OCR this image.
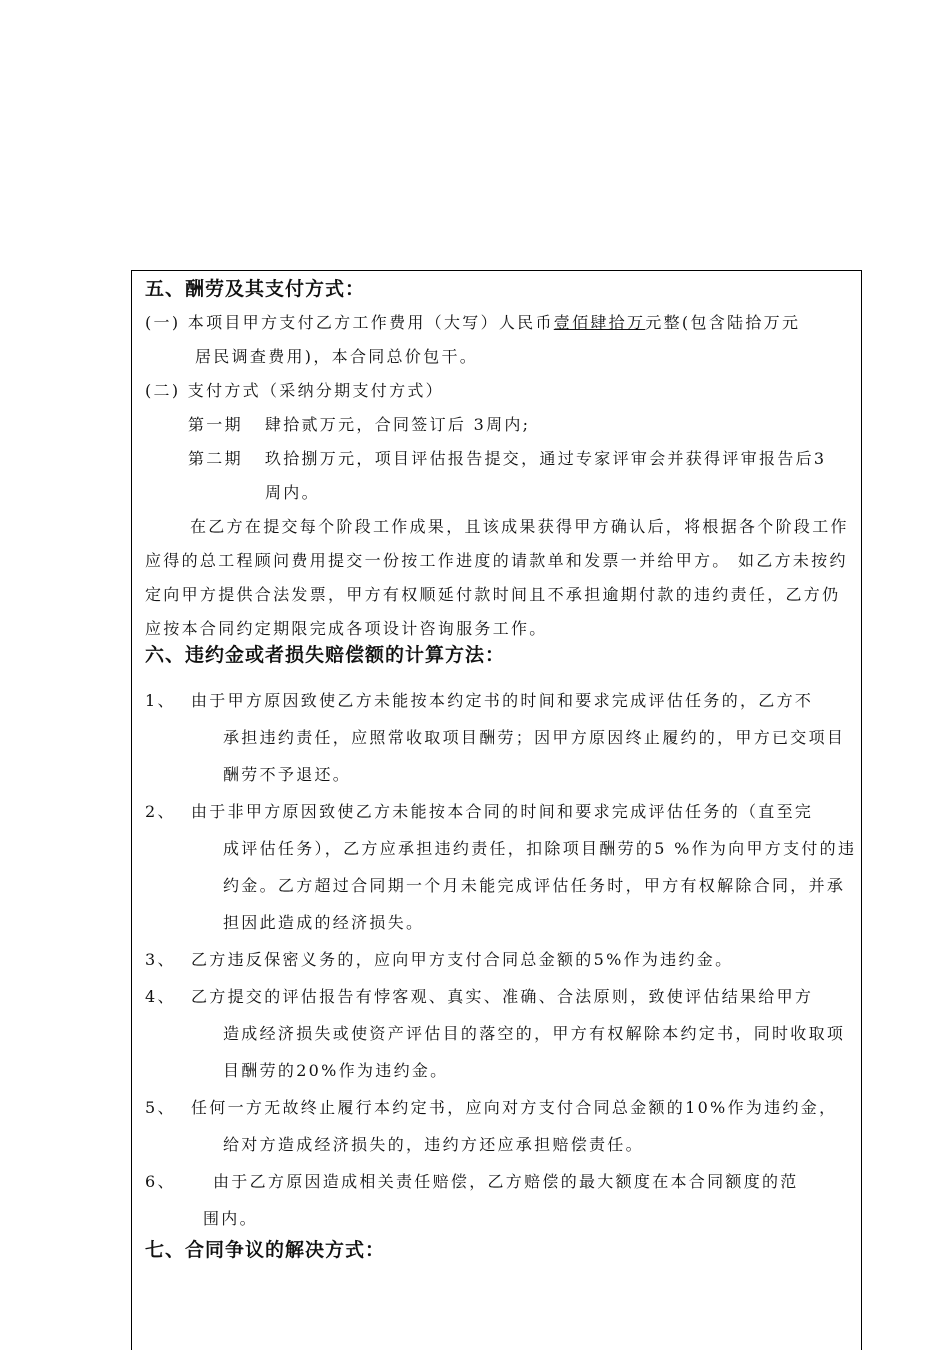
五、酬劳及其支付方式：
(一) 本项目甲方支付乙方工作费用（大写）人民币壹佰肆拾万元整(包含陆拾万元
居民调查费用)，本合同总价包干。
(二) 支付方式（采纳分期支付方式）
第一期 肆拾贰万元，合同签订后 3周内;
第二期 玖拾捌万元，项目评估报告提交，通过专家评审会并获得评审报告后3
周内。
在乙方在提交每个阶段工作成果，且该成果获得甲方确认后，将根据各个阶段工作应得的总工程顾问费用提交一份按工作进度的请款单和发票一并给甲方。 如乙方未按约定向甲方提供合法发票，甲方有权顺延付款时间且不承担逾期付款的违约责任，乙方仍应按本合同约定期限完成各项设计咨询服务工作。
六、违约金或者损失赔偿额的计算方法：
1、 由于甲方原因致使乙方未能按本约定书的时间和要求完成评估任务的，乙方不
承担违约责任，应照常收取项目酬劳；因甲方原因终止履约的，甲方已交项目酬劳不予退还。
2、 由于非甲方原因致使乙方未能按本合同的时间和要求完成评估任务的（直至完
成评估任务），乙方应承担违约责任，扣除项目酬劳的5 %作为向甲方支付的违约金。乙方超过合同期一个月未能完成评估任务时，甲方有权解除合同，并承担因此造成的经济损失。
3、 乙方违反保密义务的，应向甲方支付合同总金额的5%作为违约金。
4、 乙方提交的评估报告有悖客观、真实、准确、合法原则，致使评估结果给甲方
造成经济损失或使资产评估目的落空的，甲方有权解除本约定书，同时收取项目酬劳的20%作为违约金。
5、 任何一方无故终止履行本约定书，应向对方支付合同总金额的10%作为违约金，
给对方造成经济损失的，违约方还应承担赔偿责任。
6、	由于乙方原因造成相关责任赔偿，乙方赔偿的最大额度在本合同额度的范
围内。
七、合同争议的解决方式：
